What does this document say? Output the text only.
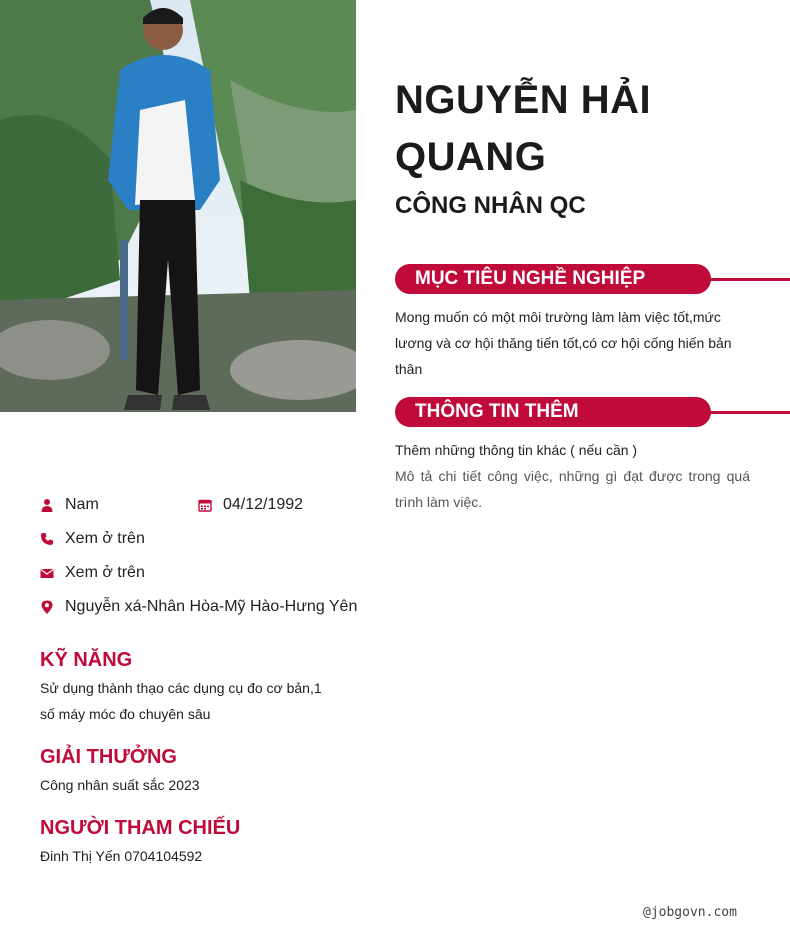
NGUYỄN HẢI QUANG
CÔNG NHÂN QC
MỤC TIÊU NGHỀ NGHIỆP
Mong muốn có một môi trường làm làm việc tốt,mức lương và cơ hội thăng tiến tốt,có cơ hội cống hiến bản thân
THÔNG TIN THÊM
Thêm những thông tin khác ( nếu cần )
Mô tả chi tiết công việc, những gì đạt được trong quá trình làm việc.
Nam	04/12/1992
Xem ở trên
Xem ở trên
Nguyễn xá-Nhân Hòa-Mỹ Hào-Hưng Yên
KỸ NĂNG
Sử dụng thành thạo các dụng cụ đo cơ bản,1 số máy móc đo chuyên sâu
GIẢI THƯỞNG
Công nhân suất sắc 2023
NGƯỜI THAM CHIẾU
Đinh Thị Yến 0704104592
@jobgovn.com
